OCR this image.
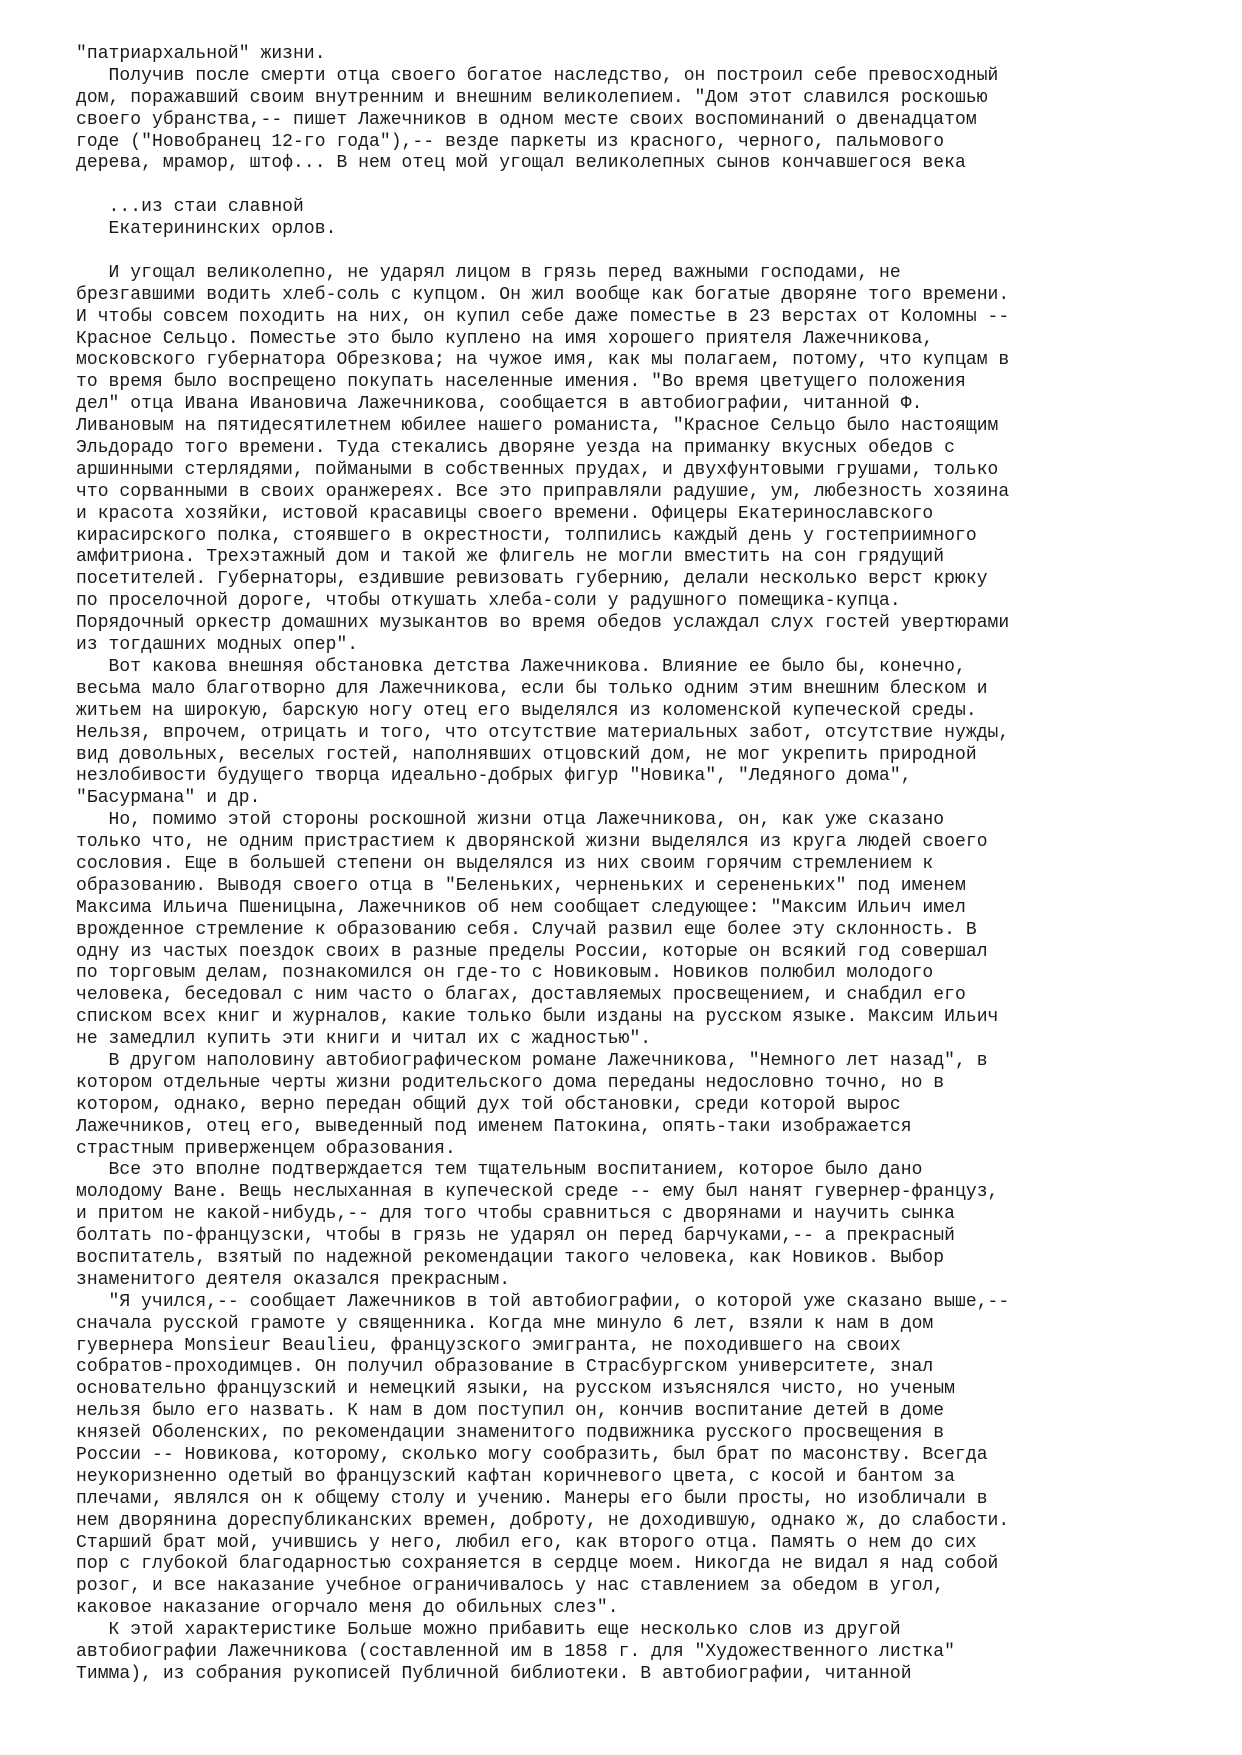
"патриархальной" жизни.
Получив после смерти отца своего богатое наследство, он построил себе превосходный
дом, поражавший своим внутренним и внешним великолепием. "Дом этот славился роскошью
своего убранства,-- пишет Лажечников в одном месте своих воспоминаний о двенадцатом
годе ("Новобранец 12-го года"),-- везде паркеты из красного, черного, пальмового
дерева, мрамор, штоф... В нем отец мой угощал великолепных сынов кончавшегося века
...из стаи славной
Екатерининских орлов.
И угощал великолепно, не ударял лицом в грязь перед важными господами, не
брезгавшими водить хлеб-соль с купцом. Он жил вообще как богатые дворяне того времени.
И чтобы совсем походить на них, он купил себе даже поместье в 23 верстах от Коломны --
Красное Сельцо. Поместье это было куплено на имя хорошего приятеля Лажечникова,
московского губернатора Обрезкова; на чужое имя, как мы полагаем, потому, что купцам в
то время было воспрещено покупать населенные имения. "Во время цветущего положения
дел" отца Ивана Ивановича Лажечникова, сообщается в автобиографии, читанной Ф.
Ливановым на пятидесятилетнем юбилее нашего романиста, "Красное Сельцо было настоящим
Эльдорадо того времени. Туда стекались дворяне уезда на приманку вкусных обедов с
аршинными стерлядями, поймаными в собственных прудах, и двухфунтовыми грушами, только
что сорванными в своих оранжереях. Все это приправляли радушие, ум, любезность хозяина
и красота хозяйки, истовой красавицы своего времени. Офицеры Екатеринославского
кирасирского полка, стоявшего в окрестности, толпились каждый день у гостеприимного
амфитриона. Трехэтажный дом и такой же флигель не могли вместить на сон грядущий
посетителей. Губернаторы, ездившие ревизовать губернию, делали несколько верст крюку
по проселочной дороге, чтобы откушать хлеба-соли у радушного помещика-купца.
Порядочный оркестр домашних музыкантов во время обедов услаждал слух гостей увертюрами
из тогдашних модных опер".
Вот какова внешняя обстановка детства Лажечникова. Влияние ее было бы, конечно,
весьма мало благотворно для Лажечникова, если бы только одним этим внешним блеском и
житьем на широкую, барскую ногу отец его выделялся из коломенской купеческой среды.
Нельзя, впрочем, отрицать и того, что отсутствие материальных забот, отсутствие нужды,
вид довольных, веселых гостей, наполнявших отцовский дом, не мог укрепить природной
незлобивости будущего творца идеально-добрых фигур "Новика", "Ледяного дома",
"Басурмана" и др.
Но, помимо этой стороны роскошной жизни отца Лажечникова, он, как уже сказано
только что, не одним пристрастием к дворянской жизни выделялся из круга людей своего
сословия. Еще в большей степени он выделялся из них своим горячим стремлением к
образованию. Выводя своего отца в "Беленьких, черненьких и серененьких" под именем
Максима Ильича Пшеницына, Лажечников об нем сообщает следующее: "Максим Ильич имел
врожденное стремление к образованию себя. Случай развил еще более эту склонность. В
одну из частых поездок своих в разные пределы России, которые он всякий год совершал
по торговым делам, познакомился он где-то с Новиковым. Новиков полюбил молодого
человека, беседовал с ним часто о благах, доставляемых просвещением, и снабдил его
списком всех книг и журналов, какие только были изданы на русском языке. Максим Ильич
не замедлил купить эти книги и читал их с жадностью".
В другом наполовину автобиографическом романе Лажечникова, "Немного лет назад", в
котором отдельные черты жизни родительского дома переданы недословно точно, но в
котором, однако, верно передан общий дух той обстановки, среди которой вырос
Лажечников, отец его, выведенный под именем Патокина, опять-таки изображается
страстным приверженцем образования.
Все это вполне подтверждается тем тщательным воспитанием, которое было дано
молодому Ване. Вещь неслыханная в купеческой среде -- ему был нанят гувернер-француз,
и притом не какой-нибудь,-- для того чтобы сравниться с дворянами и научить сынка
болтать по-французски, чтобы в грязь не ударял он перед барчуками,-- а прекрасный
воспитатель, взятый по надежной рекомендации такого человека, как Новиков. Выбор
знаменитого деятеля оказался прекрасным.
"Я учился,-- сообщает Лажечников в той автобиографии, о которой уже сказано выше,--
сначала русской грамоте у священника. Когда мне минуло 6 лет, взяли к нам в дом
гувернера Monsieur Beaulieu, французского эмигранта, не походившего на своих
собратов-проходимцев. Он получил образование в Страсбургском университете, знал
основательно французский и немецкий языки, на русском изъяснялся чисто, но ученым
нельзя было его назвать. К нам в дом поступил он, кончив воспитание детей в доме
князей Оболенских, по рекомендации знаменитого подвижника русского просвещения в
России -- Новикова, которому, сколько могу сообразить, был брат по масонству. Всегда
неукоризненно одетый во французский кафтан коричневого цвета, с косой и бантом за
плечами, являлся он к общему столу и учению. Манеры его были просты, но изобличали в
нем дворянина дореспубликанских времен, доброту, не доходившую, однако ж, до слабости.
Старший брат мой, учившись у него, любил его, как второго отца. Память о нем до сих
пор с глубокой благодарностью сохраняется в сердце моем. Никогда не видал я над собой
розог, и все наказание учебное ограничивалось у нас ставлением за обедом в угол,
каковое наказание огорчало меня до обильных слез".
К этой характеристике Больше можно прибавить еще несколько слов из другой
автобиографии Лажечникова (составленной им в 1858 г. для "Художественного листка"
Тимма), из собрания рукописей Публичной библиотеки. В автобиографии, читанной
